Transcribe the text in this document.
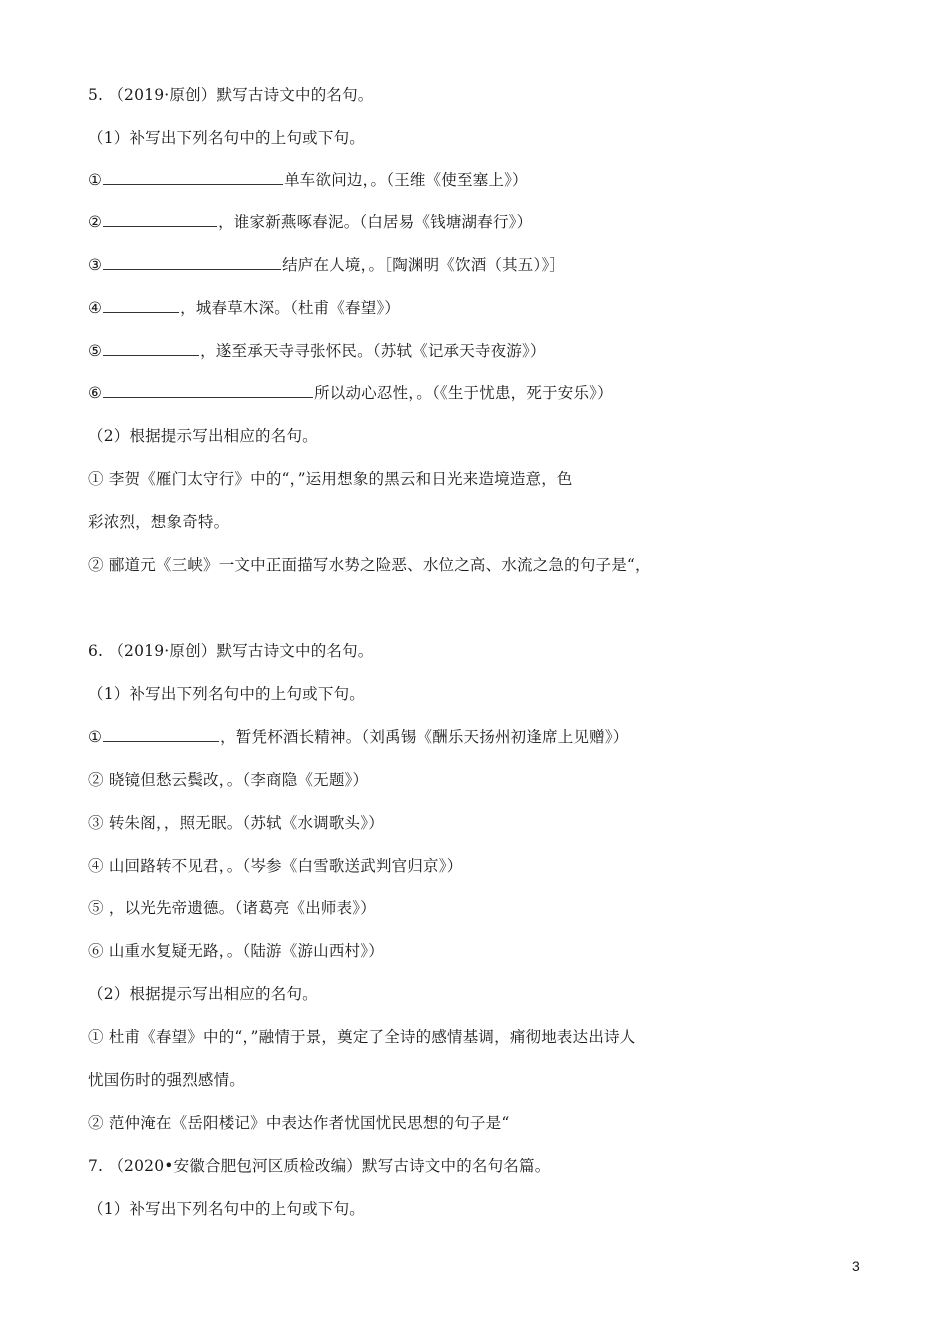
5. （2019·原创）默写古诗文中的名句。
（1）补写出下列名句中的上句或下句。
①	单车欲问边，。（王维《使至塞上》）
②	，谁家新燕啄春泥。（白居易《钱塘湖春行》）
③	结庐在人境，。［陶渊明《饮酒（其五）》］
④	，城春草木深。（杜甫《春望》）
⑤	，遂至承天寺寻张怀民。（苏轼《记承天寺夜游》）
⑥	所以动心忍性，。（《生于忧患，死于安乐》）
（2）根据提示写出相应的名句。
① 李贺《雁门太守行》中的“，”运用想象的黑云和日光来造境造意，色
彩浓烈，想象奇特。
② 郦道元《三峡》一文中正面描写水势之险恶、水位之高、水流之急的句子是“，
6. （2019·原创）默写古诗文中的名句。
（1）补写出下列名句中的上句或下句。
①	，暂凭杯酒长精神。（刘禹锡《酬乐天扬州初逢席上见赠》）
② 晓镜但愁云鬓改，。（李商隐《无题》）
③ 转朱阁，，照无眠。（苏轼《水调歌头》）
④ 山回路转不见君，。（岑参《白雪歌送武判官归京》）
⑤ ，以光先帝遗德。（诸葛亮《出师表》）
⑥ 山重水复疑无路，。（陆游《游山西村》）
（2）根据提示写出相应的名句。
① 杜甫《春望》中的“，”融情于景，奠定了全诗的感情基调，痛彻地表达出诗人
忧国伤时的强烈感情。
② 范仲淹在《岳阳楼记》中表达作者忧国忧民思想的句子是“
7. （2020•安徽合肥包河区质检改编）默写古诗文中的名句名篇。
（1）补写出下列名句中的上句或下句。
3
